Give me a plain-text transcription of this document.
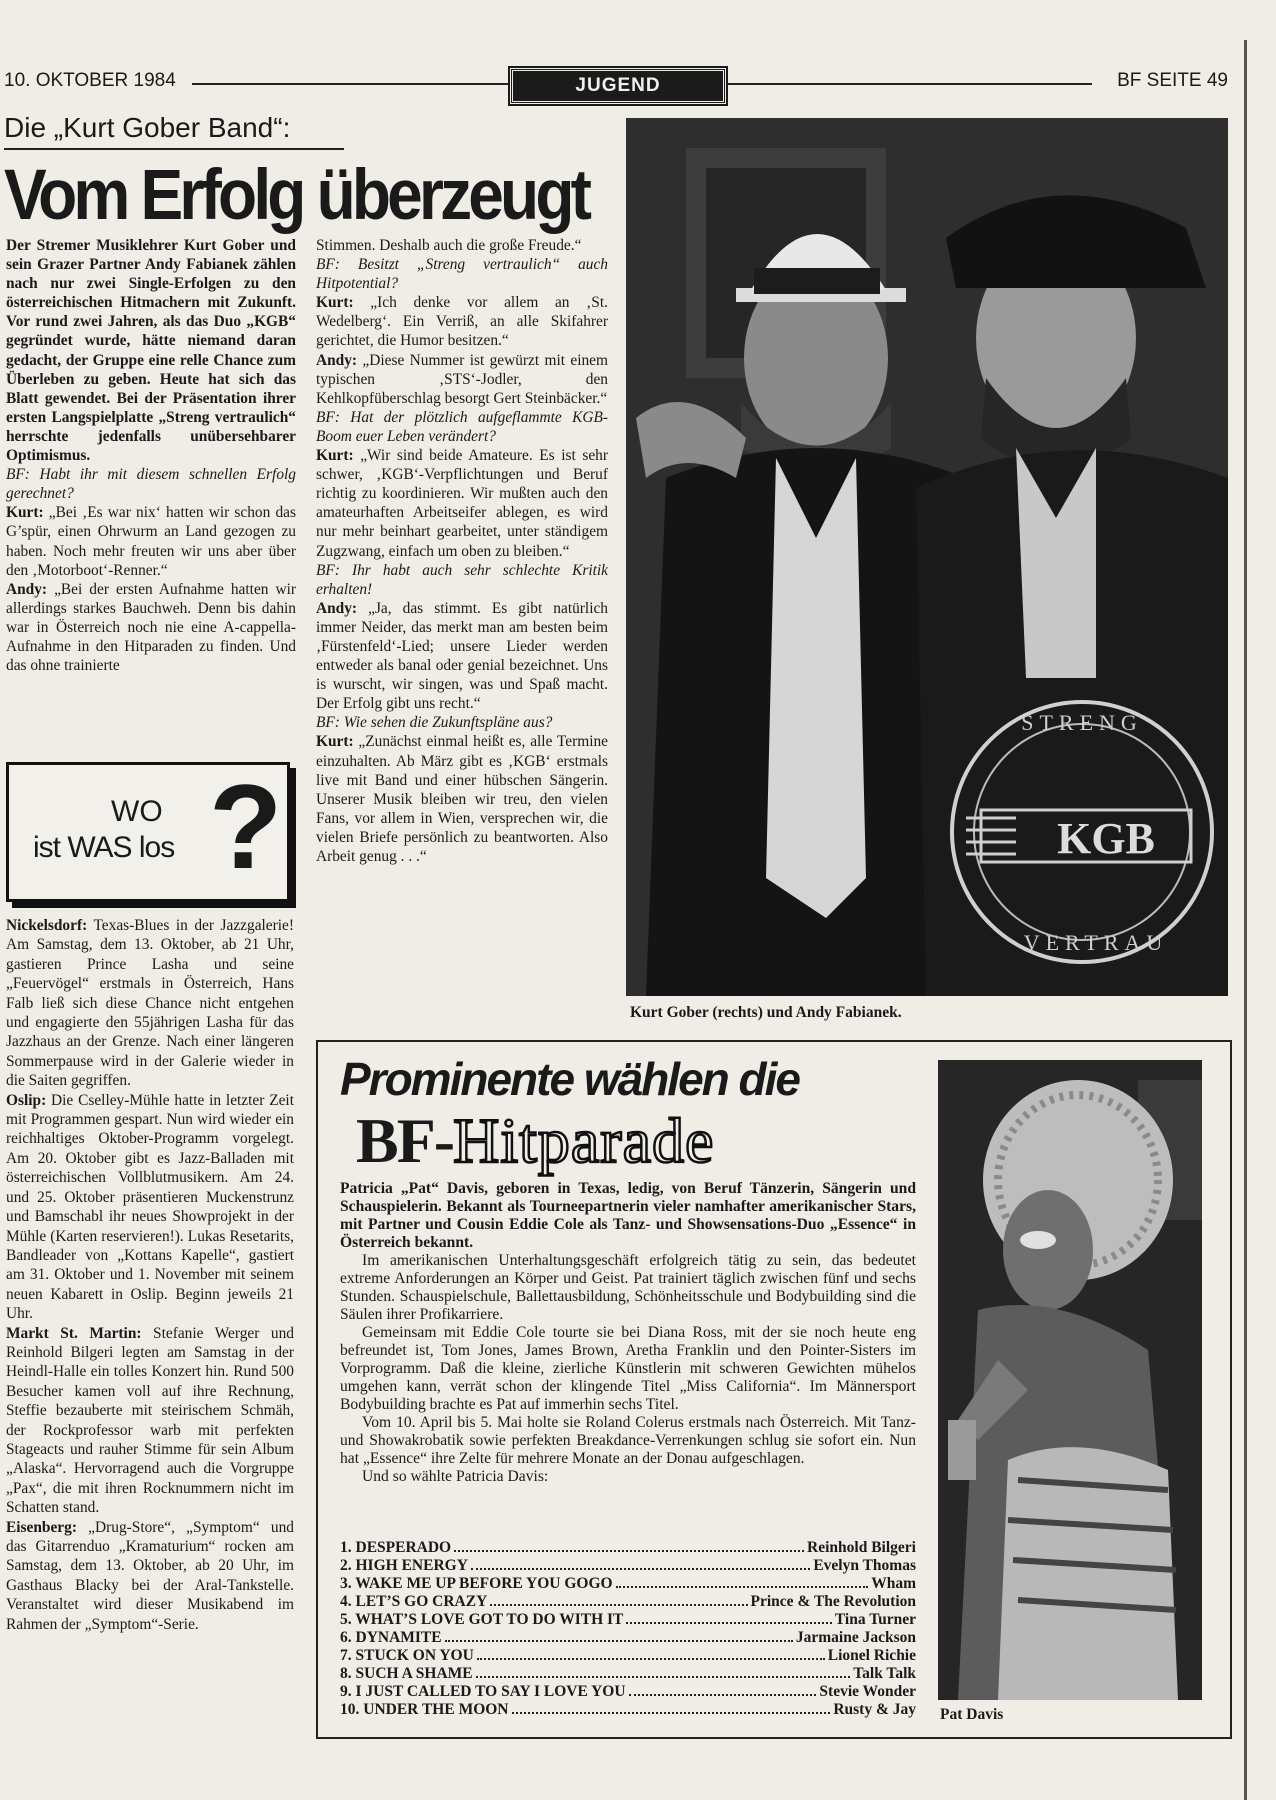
10. OKTOBER 1984	JUGEND	BF SEITE 49
Die „Kurt Gober Band“:
Vom Erfolg überzeugt

Der Stremer Musiklehrer Kurt Gober und sein Grazer Partner Andy Fabianek zählen nach nur zwei Single-Erfolgen zu den österreichischen Hitmachern mit Zukunft. Vor rund zwei Jahren, als das Duo „KGB“ gegründet wurde, hätte niemand daran gedacht, der Gruppe eine relle Chance zum Überleben zu geben. Heute hat sich das Blatt gewendet. Bei der Präsentation ihrer ersten Langspielplatte „Streng vertraulich“ herrschte jedenfalls unübersehbarer Optimismus.

BF: Habt ihr mit diesem schnellen Erfolg gerechnet?

Kurt: „Bei ‚Es war nix‘ hatten wir schon das G’spür, einen Ohrwurm an Land gezogen zu haben. Noch mehr freuten wir uns aber über den ‚Motorboot‘-Renner.“

Andy: „Bei der ersten Aufnahme hatten wir allerdings starkes Bauchweh. Denn bis dahin war in Österreich noch nie eine A-cappella-Aufnahme in den Hitparaden zu finden. Und das ohne trainierte

Stimmen. Deshalb auch die große Freude.“

BF: Besitzt „Streng vertraulich“ auch Hitpotential?

Kurt: „Ich denke vor allem an ‚St. Wedelberg‘. Ein Verriß, an alle Skifahrer gerichtet, die Humor besitzen.“

Andy: „Diese Nummer ist gewürzt mit einem typischen ‚STS‘-Jodler, den Kehlkopfüberschlag besorgt Gert Steinbäcker.“

BF: Hat der plötzlich aufgeflammte KGB-Boom euer Leben verändert?

Kurt: „Wir sind beide Amateure. Es ist sehr schwer, ‚KGB‘-Verpflichtungen und Beruf richtig zu koordinieren. Wir mußten auch den amateurhaften Arbeitseifer ablegen, es wird nur mehr beinhart gearbeitet, unter ständigem Zugzwang, einfach um oben zu bleiben.“

BF: Ihr habt auch sehr schlechte Kritik erhalten!

Andy: „Ja, das stimmt. Es gibt natürlich immer Neider, das merkt man am besten beim ‚Fürstenfeld‘-Lied; unsere Lieder werden entweder als banal oder genial bezeichnet. Uns is wurscht, wir singen, was und Spaß macht. Der Erfolg gibt uns recht.“

BF: Wie sehen die Zukunftspläne aus?

Kurt: „Zunächst einmal heißt es, alle Termine einzuhalten. Ab März gibt es ‚KGB‘ erstmals live mit Band und einer hübschen Sängerin. Unserer Musik bleiben wir treu, den vielen Fans, vor allem in Wien, versprechen wir, die vielen Briefe persönlich zu beantworten. Also Arbeit genug . . .“	KGB
STRENG
VERTRAU
Kurt Gober (rechts) und Andy Fabianek.
WO
ist WAS los ?

Nickelsdorf: Texas-Blues in der Jazzgalerie! Am Samstag, dem 13. Oktober, ab 21 Uhr, gastieren Prince Lasha und seine „Feuervögel“ erstmals in Österreich, Hans Falb ließ sich diese Chance nicht entgehen und engagierte den 55jährigen Lasha für das Jazzhaus an der Grenze. Nach einer längeren Sommerpause wird in der Galerie wieder in die Saiten gegriffen.

Oslip: Die Cselley-Mühle hatte in letzter Zeit mit Programmen gespart. Nun wird wieder ein reichhaltiges Oktober-Programm vorgelegt. Am 20. Oktober gibt es Jazz-Balladen mit österreichischen Vollblutmusikern. Am 24. und 25. Oktober präsentieren Muckenstrunz und Bamschabl ihr neues Showprojekt in der Mühle (Karten reservieren!). Lukas Resetarits, Bandleader von „Kottans Kapelle“, gastiert am 31. Oktober und 1. November mit seinem neuen Kabarett in Oslip. Beginn jeweils 21 Uhr.

Markt St. Martin: Stefanie Werger und Reinhold Bilgeri legten am Samstag in der Heindl-Halle ein tolles Konzert hin. Rund 500 Besucher kamen voll auf ihre Rechnung, Steffie bezauberte mit steirischem Schmäh, der Rockprofessor warb mit perfekten Stageacts und rauher Stimme für sein Album „Alaska“. Hervorragend auch die Vorgruppe „Pax“, die mit ihren Rocknummern nicht im Schatten stand.

Eisenberg: „Drug-Store“, „Symptom“ und das Gitarrenduo „Kramaturium“ rocken am Samstag, dem 13. Oktober, ab 20 Uhr, im Gasthaus Blacky bei der Aral-Tankstelle. Veranstaltet wird dieser Musikabend im Rahmen der „Symptom“-Serie.

Prominente wählen die
BF- Hitparade

Patricia „Pat“ Davis, geboren in Texas, ledig, von Beruf Tänzerin, Sängerin und Schauspielerin. Bekannt als Tourneepartnerin vieler namhafter amerikanischer Stars, mit Partner und Cousin Eddie Cole als Tanz- und Showsensations-Duo „Essence“ in Österreich bekannt.

Im amerikanischen Unterhaltungsgeschäft erfolgreich tätig zu sein, das bedeutet extreme Anforderungen an Körper und Geist. Pat trainiert täglich zwischen fünf und sechs Stunden. Schauspielschule, Ballettausbildung, Schönheitsschule und Bodybuilding sind die Säulen ihrer Profikarriere.

Gemeinsam mit Eddie Cole tourte sie bei Diana Ross, mit der sie noch heute eng befreundet ist, Tom Jones, James Brown, Aretha Franklin und den Pointer-Sisters im Vorprogramm. Daß die kleine, zierliche Künstlerin mit schweren Gewichten mühelos umgehen kann, verrät schon der klingende Titel „Miss California“. Im Männersport Bodybuilding brachte es Pat auf immerhin sechs Titel.

Vom 10. April bis 5. Mai holte sie Roland Colerus erstmals nach Österreich. Mit Tanz- und Showakrobatik sowie perfekten Breakdance-Verrenkungen schlug sie sofort ein. Nun hat „Essence“ ihre Zelte für mehrere Monate an der Donau aufgeschlagen.

Und so wählte Patricia Davis:

1. DESPERADO	Reinhold Bilgeri
2. HIGH ENERGY	Evelyn Thomas
3. WAKE ME UP BEFORE YOU GOGO	Wham
4. LET’S GO CRAZY	Prince & The Revolution
5. WHAT’S LOVE GOT TO DO WITH IT	Tina Turner
6. DYNAMITE	Jarmaine Jackson
7. STUCK ON YOU	Lionel Richie
8. SUCH A SHAME	Talk Talk
9. I JUST CALLED TO SAY I LOVE YOU	Stevie Wonder
10. UNDER THE MOON	Rusty & Jay Pat Davis
